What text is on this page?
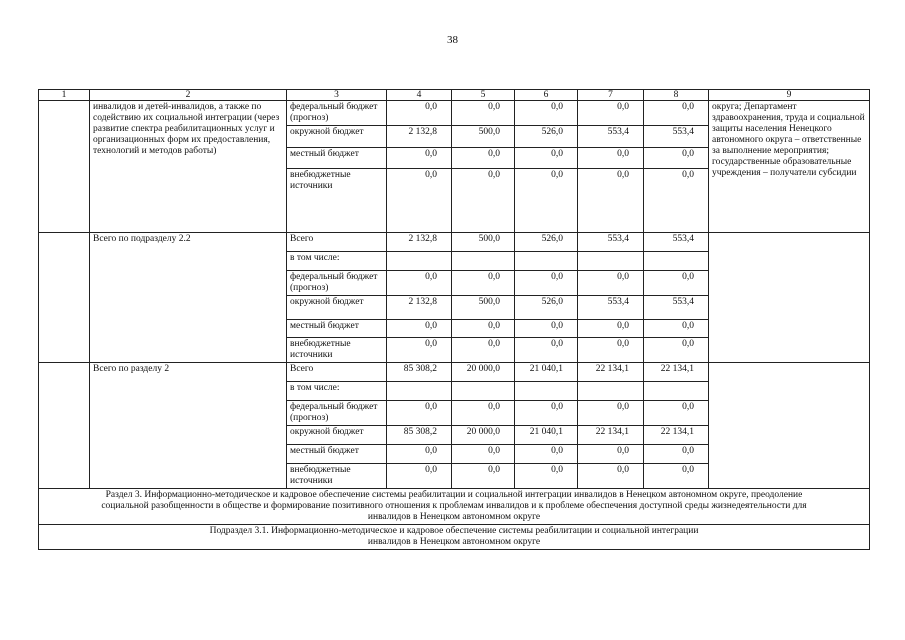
38
1	2	3	4	5	6	7	8	9
	инвалидов и детей-инвалидов, а также по содействию их социальной интеграции (через развитие спектра реабилитационных услуг и организационных форм их предоставления, технологий и методов работы)	федеральный бюджет (прогноз)	0,0	0,0	0,0	0,0	0,0	округа; Департамент здравоохранения, труда и социальной защиты населения Ненецкого автономного округа – ответственные за выполнение мероприятия; государственные образовательные учреждения – получатели субсидии
		окружной бюджет	2 132,8	500,0	526,0	553,4	553,4	
		местный бюджет	0,0	0,0	0,0	0,0	0,0	
		внебюджетные источники	0,0	0,0	0,0	0,0	0,0	
	Всего по подразделу 2.2	Всего	2 132,8	500,0	526,0	553,4	553,4	
		в том числе:						
		федеральный бюджет (прогноз)	0,0	0,0	0,0	0,0	0,0	
		окружной бюджет	2 132,8	500,0	526,0	553,4	553,4	
		местный бюджет	0,0	0,0	0,0	0,0	0,0	
		внебюджетные источники	0,0	0,0	0,0	0,0	0,0	
	Всего по разделу 2	Всего	85 308,2	20 000,0	21 040,1	22 134,1	22 134,1	
		в том числе:						
		федеральный бюджет (прогноз)	0,0	0,0	0,0	0,0	0,0	
		окружной бюджет	85 308,2	20 000,0	21 040,1	22 134,1	22 134,1	
		местный бюджет	0,0	0,0	0,0	0,0	0,0	
		внебюджетные источники	0,0	0,0	0,0	0,0	0,0	
Раздел 3. Информационно-методическое и кадровое обеспечение системы реабилитации и социальной интеграции инвалидов в Ненецком автономном округе, преодоление социальной разобщенности в обществе и формирование позитивного отношения к проблемам инвалидов и к проблеме обеспечения доступной среды жизнедеятельности для инвалидов в Ненецком автономном округе								
Подраздел 3.1. Информационно-методическое и кадровое обеспечение системы реабилитации и социальной интеграции инвалидов в Ненецком автономном округе								
